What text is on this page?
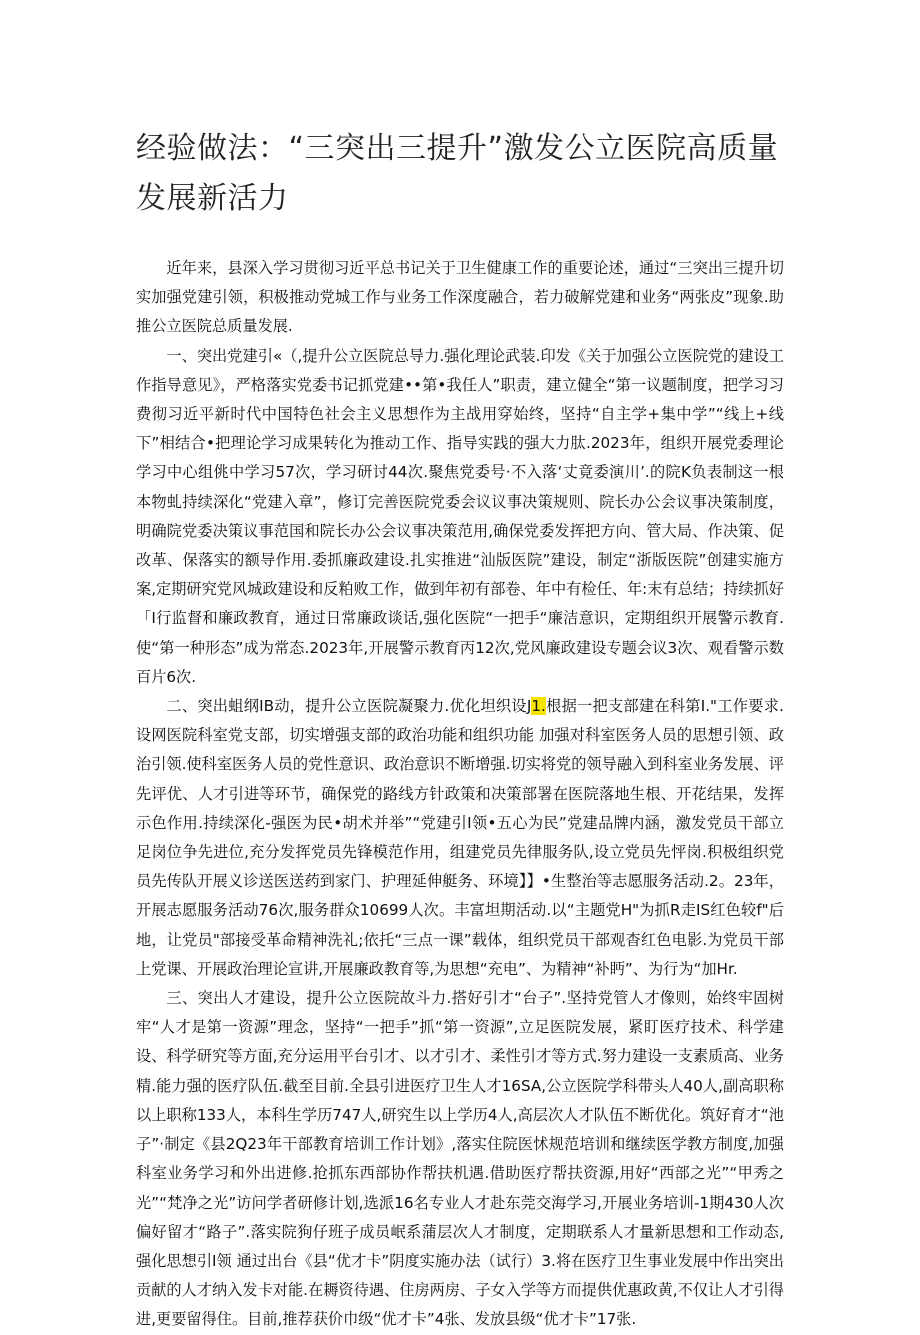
经验做法：“三突出三提升”激发公立医院高质量发展新活力

近年来，县深入学习贯彻习近平总书记关于卫生健康工作的重要论述，通过“三突出三提升切实加强党建引领，积极推动党城工作与业务工作深度融合，若力破解党建和业务“两张皮”现象.助推公立医院总质量发展.

一、突出党建引«（,提升公立医院总导力.强化理论武装.印发《关于加强公立医院党的建设工作指导意见》，严格落实党委书记抓党建••第•我任人”职责，建立健全“第一议题制度，把学习习费彻习近平新时代中国特色社会主义思想作为主战用穿始终，坚持“自主学+集中学”“线上+线下”相结合•把理论学习成果转化为推动工作、指导实践的强大力肽.2023年，组织开展党委理论学习中心组佻中学习57次，学习研讨44次.聚焦党委号·不入落‘丈竟委演川’.的院K负表制这一根本物虬持续深化“党建入章”，修订完善医院党委会议议事决策规则、院长办公会议事决策制度，明确院党委决策议事范国和院长办公会议事决策范用,确保党委发挥把方向、管大局、作决策、促改革、保落实的额导作用.委抓廉政建设.扎实推进“汕版医院”建设，制定“浙版医院”创建实施方案,定期研究党风城政建设和反粕败工作，做到年初有部卷、年中有检任、年:末有总结；持续抓好「I行监督和廉政教育，通过日常廉政谈话,强化医院“一把手“廉洁意识，定期组织开展警示教育.使“第一种形态”成为常态.2023年,开展警示教育丙12次,党风廉政建设专题会议3次、观看警示数百片6次.

二、突出蛆纲IB动，提升公立医院凝聚力.优化坦织设J1.根据一把支部建在科第I."工作要求.设网医院科室党支部，切实增强支部的政治功能和组织功能 加强对科室医务人员的思想引领、政治引领.使科室医务人员的党性意识、政治意识不断增强.切实将党的领导融入到科室业务发展、评先评优、人才引进等环节，确保党的路线方针政策和决策部署在医院落地生根、开花结果，发挥示色作用.持续深化-强医为民•胡术并举”“党建引I领•五心为民”党建品牌内涵，激发党员干部立足岗位争先进位,充分发挥党员先锋模范作用，组建党员先律服务队,设立党员先怦岗.积极组织党员先传队开展义诊送医送药到家门、护理延伸艇务、环境】】•生整治等志愿服务活动.2。23年，开展志愿服务活动76次,服务群众10699人次。丰富坦期活动.以“主题党H"为抓R走IS红色较f"后地，让党员"部接受革命精神洗礼;依托“三点一课”载体，组织党员干部观杳红色电影.为党员干部上党课、开展政治理论宣讲,开展廉政教育等,为思想“充电”、为精神“补眄”、为行为“加Hr.

三、突出人才建设，提升公立医院故斗力.搭好引才“台子”.坚持党管人才像则，始终牢固树牢“人才是第一资源”理念，坚持“一把手”抓“第一资源”,立足医院发展，紧盯医疗技术、科学建设、科学研究等方面,充分运用平台引才、以才引才、柔性引才等方式.努力建设一支素质高、业务精.能力强的医疗队伍.截至目前.全县引进医疗卫生人才16SA,公立医院学科带头人40人,副高职称以上职称133人，本科生学历747人,研究生以上学历4人,高层次人才队伍不断优化。筑好育才“池子”·制定《县2Q23年干部教育培训工作计划》,落实住院医怵规范培训和继续医学教方制度,加强科室业务学习和外出进修.抢抓东西部协作帮扶机遇.借助医疗帮扶资源,用好“西部之光”“甲秀之光”“梵净之光”访问学者研修计划,选派16名专业人才赴东莞交海学习,开展业务培训-1期430人次偏好留才“路子”.落实院狗仔班子成员岷系蒲层次人才制度，定期联系人才量新思想和工作动态,强化思想引I领 通过出台《县“优才卡”阴度实施办法（试行）3.将在医疗卫生事业发展中作出突出贡献的人才纳入发卡对能.在耨资待遇、住房两房、子女入学等方而提供优惠政黄,不仅让人才引得进,更要留得住。目前,推荐获价巾级“优才卡”4张、发放县级“优才卡”17张.
